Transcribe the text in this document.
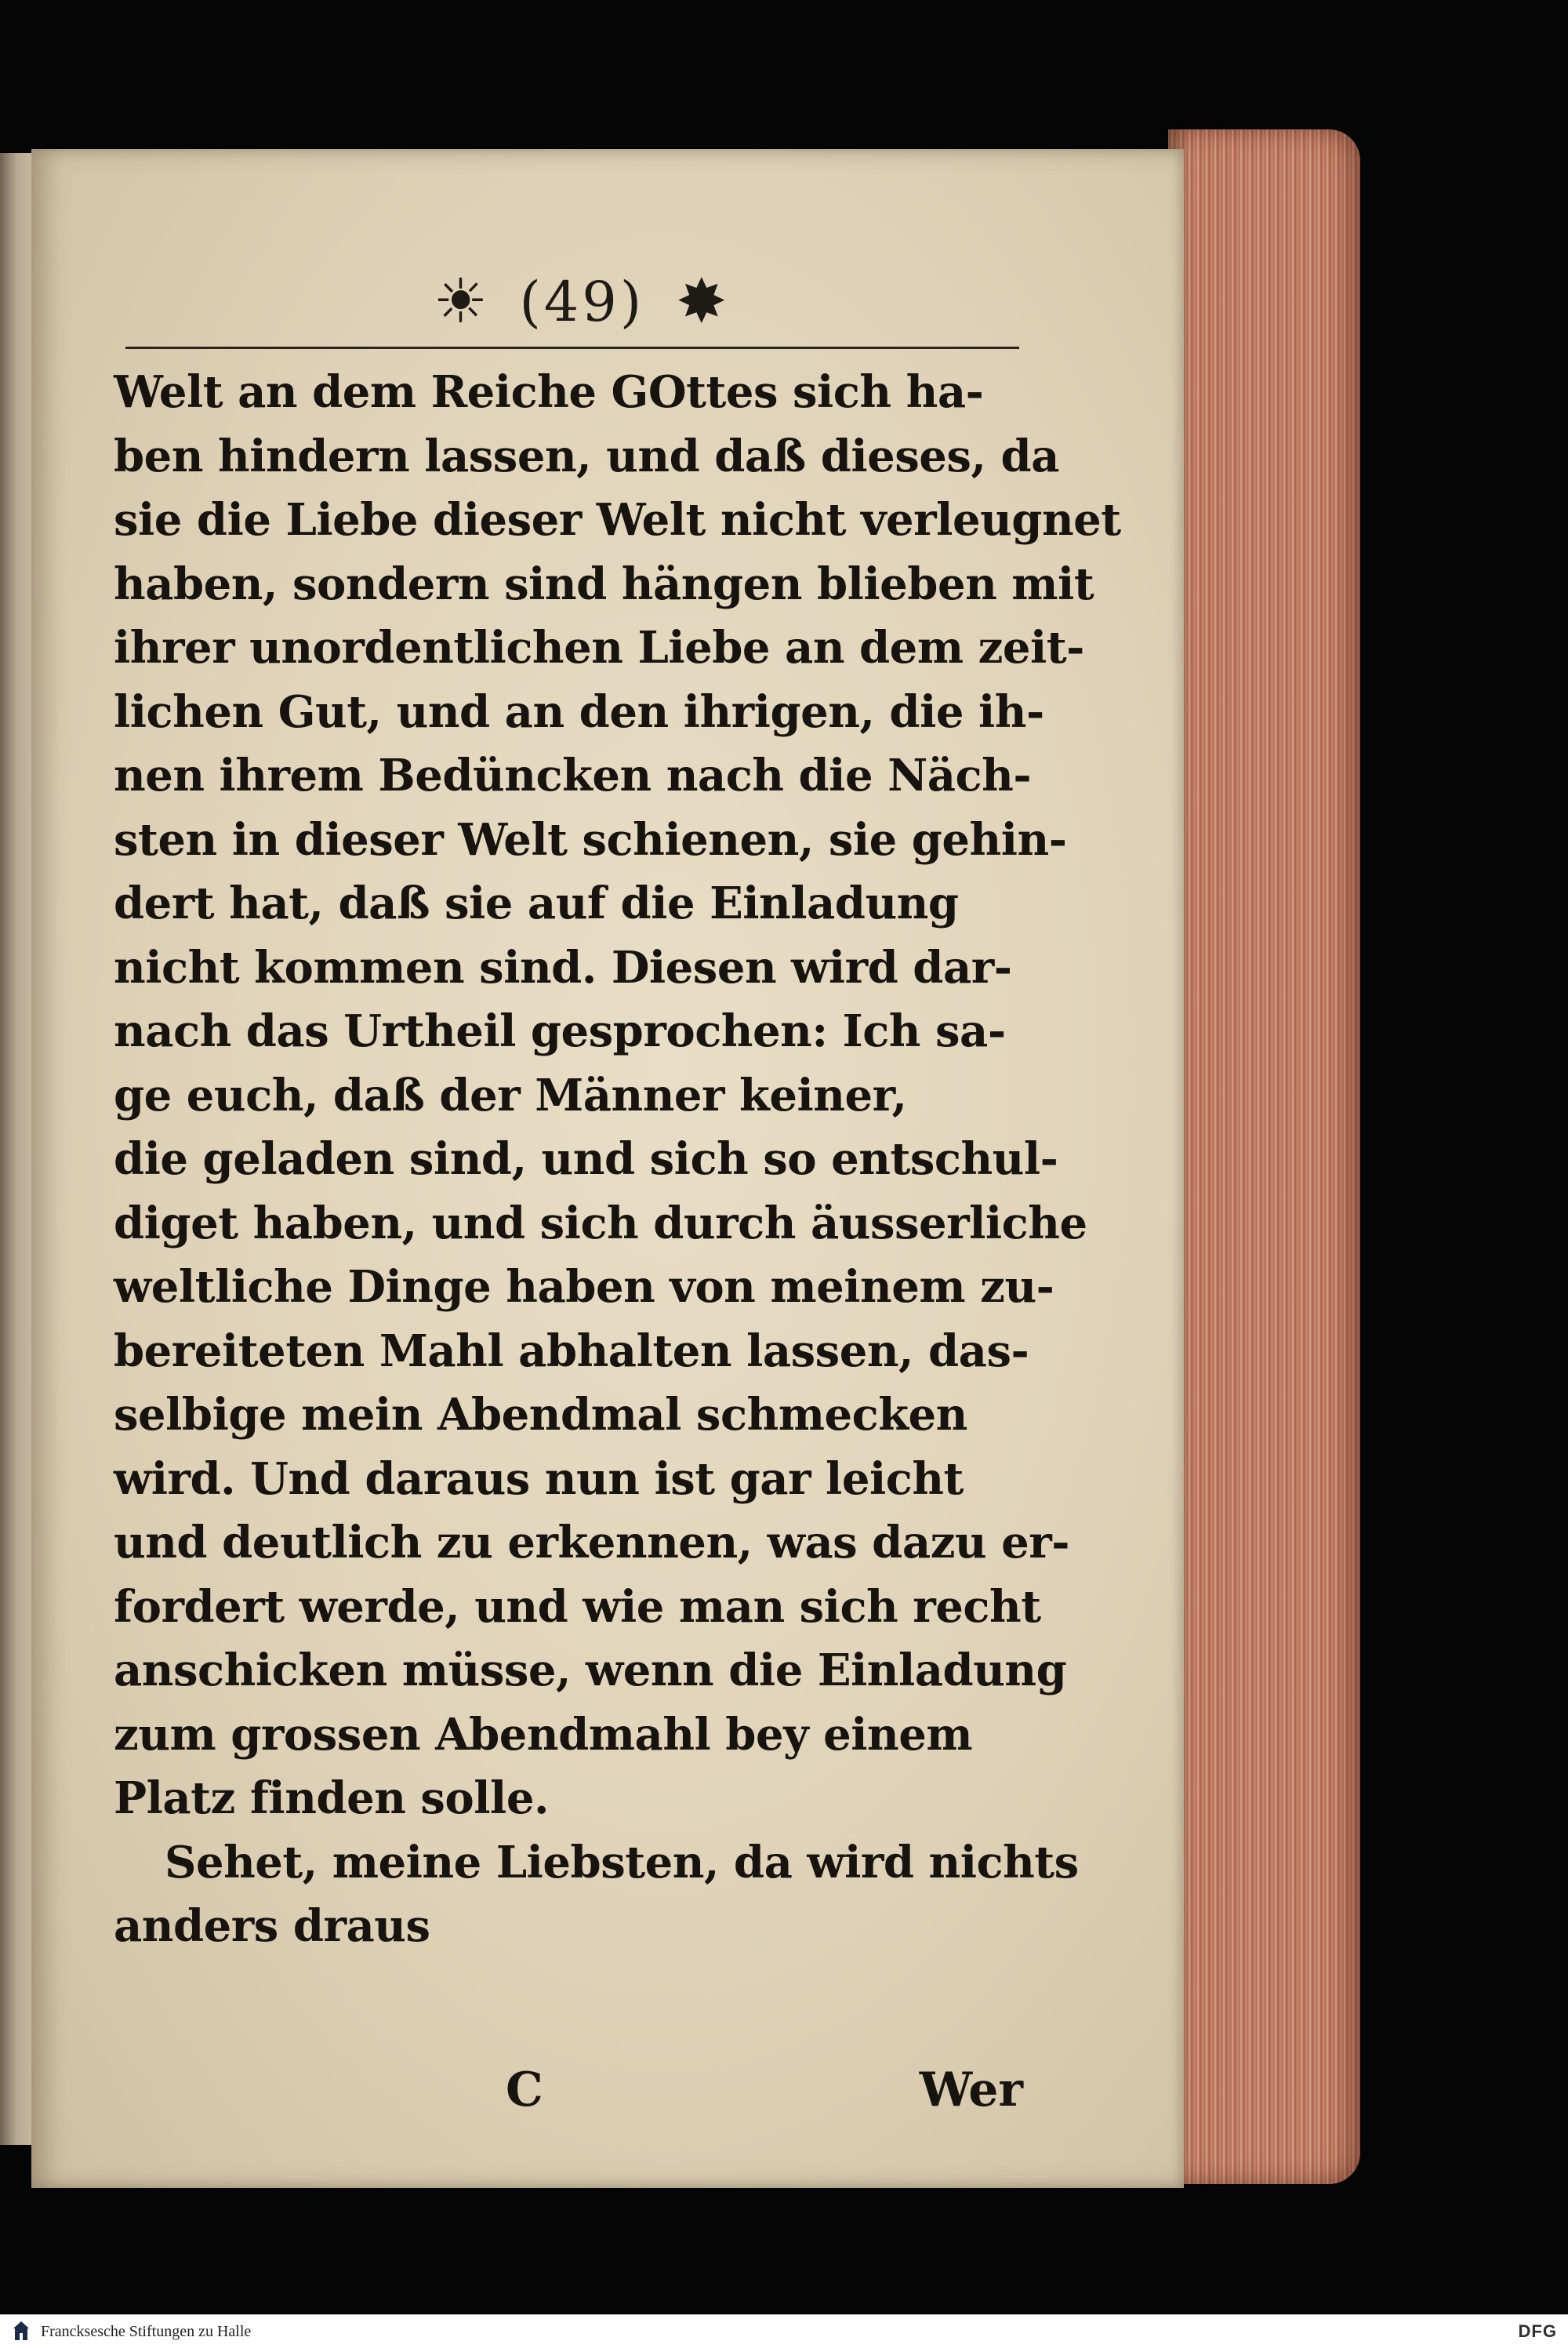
☀ (49) ✸
Welt an dem Reiche GOttes sich ha-
ben hindern lassen, und daß dieses, da
sie die Liebe dieser Welt nicht verleugnet
haben, sondern sind hängen blieben mit
ihrer unordentlichen Liebe an dem zeit-
lichen Gut, und an den ihrigen, die ih-
nen ihrem Bedüncken nach die Näch-
sten in dieser Welt schienen, sie gehin-
dert hat, daß sie auf die Einladung
nicht kommen sind. Diesen wird dar-
nach das Urtheil gesprochen: Ich sa-
ge euch, daß der Männer keiner,
die geladen sind, und sich so entschul-
diget haben, und sich durch äusserliche
weltliche Dinge haben von meinem zu-
bereiteten Mahl abhalten lassen, das-
selbige mein Abendmal schmecken
wird. Und daraus nun ist gar leicht
und deutlich zu erkennen, was dazu er-
fordert werde, und wie man sich recht
anschicken müsse, wenn die Einladung
zum grossen Abendmahl bey einem
Platz finden solle.
Sehet, meine Liebsten, da wird nichts
anders draus
C	Wer
Francksesche Stiftungen zu Halle	DFG
